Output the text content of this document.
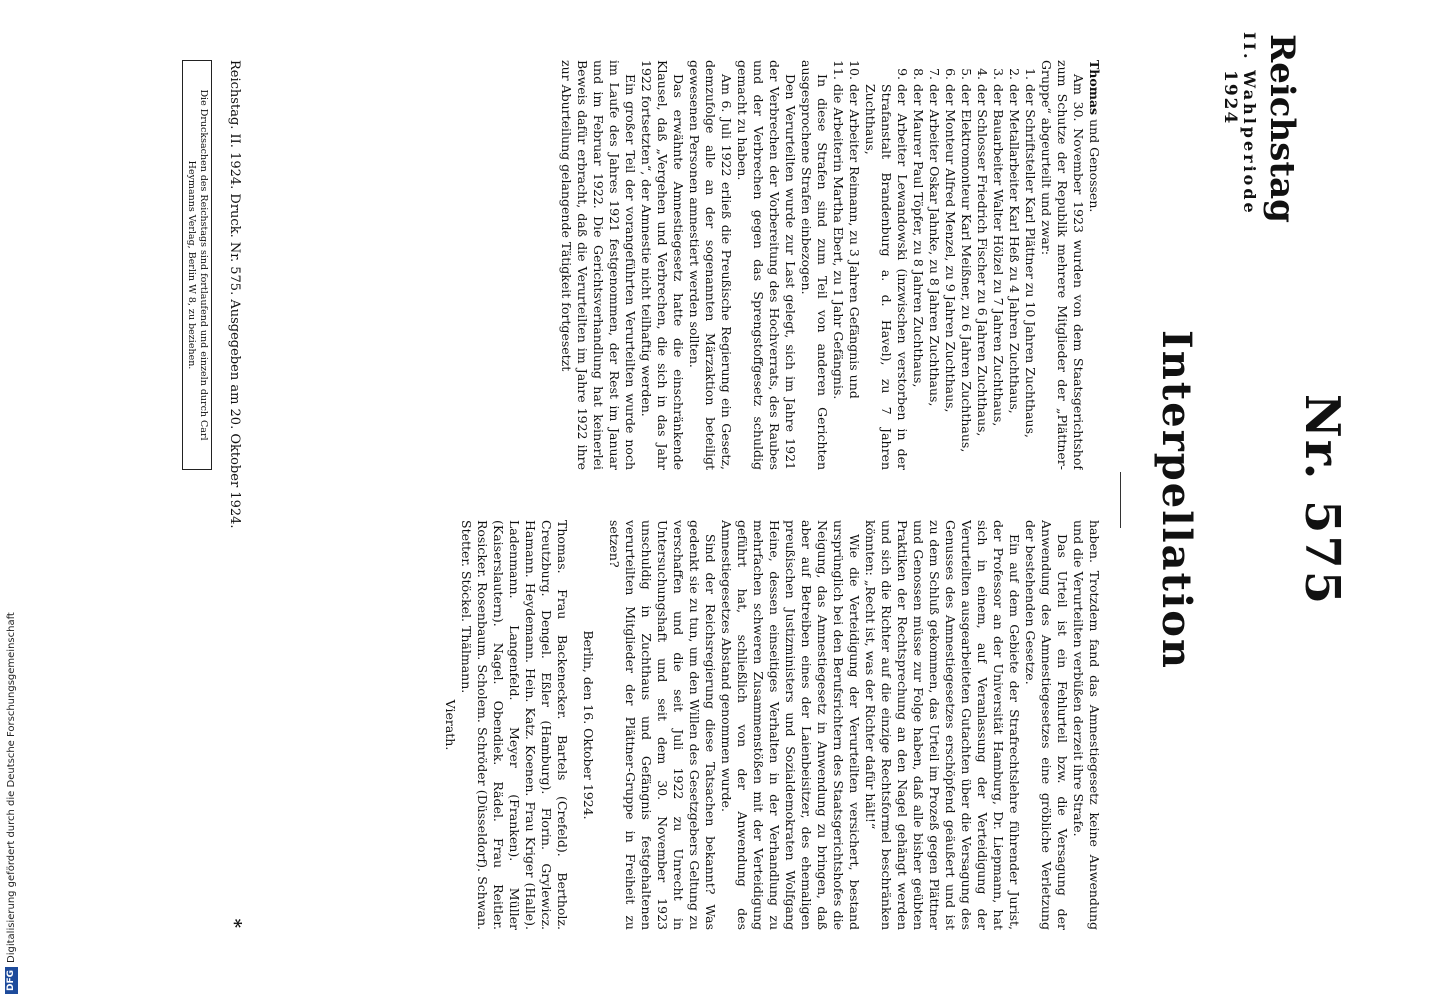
Reichstag
II. Wahlperiode
1924
Nr. 575
Interpellation

Thomas und Genossen.

Am 30. November 1923 wurden von dem Staatsgerichtshof zum Schutze der Republik mehrere Mitglieder der „Plättner-Gruppe“ abgeurteilt und zwar:

1.
der Schriftsteller Karl Plättner zu 10 Jahren Zuchthaus,
2.
der Metallarbeiter Karl Heß zu 4 Jahren Zuchthaus,
3.
der Bauarbeiter Walter Hölzel zu 7 Jahren Zuchthaus,
4.
der Schlosser Friedrich Fischer zu 6 Jahren Zuchthaus,
5.
der Elektromonteur Karl Meißner, zu 6 Jahren Zuchthaus,
6.
der Monteur Alfred Menzel, zu 9 Jahren Zuchthaus,
7.
der Arbeiter Oskar Jahnke, zu 8 Jahren Zuchthaus,
8.
der Maurer Paul Töpfer, zu 8 Jahren Zuchthaus,
9.
der Arbeiter Lewandowski (inzwischen verstorben in der Strafanstalt Brandenburg a. d. Havel), zu 7 Jahren Zuchthaus,
10.
der Arbeiter Reimann, zu 3 Jahren Gefängnis und
11.
die Arbeiterin Martha Ebert, zu 1 Jahr Gefängnis.

In diese Strafen sind zum Teil von anderen Gerichten ausgesprochene Strafen einbezogen.

Den Verurteilten wurde zur Last gelegt, sich im Jahre 1921 der Verbrechen der Vorbereitung des Hochverrats, des Raubes und der Verbrechen gegen das Sprengstoffgesetz schuldig gemacht zu haben.

Am 6. Juli 1922 erließ die Preußische Regierung ein Gesetz, demzufolge alle an der sogenannten Märzaktion beteiligt gewesenen Personen amnestiert werden sollten.

Das erwähnte Amnestiegesetz hatte die einschränkende Klausel, daß „Vergehen und Verbrechen, die sich in das Jahr 1922 fortsetzten“, der Amnestie nicht teilhaftig werden.

Ein großer Teil der vorangeführten Verurteilten wurde noch im Laufe des Jahres 1921 festgenommen, der Rest im Januar und im Februar 1922. Die Gerichtsverhandlung hat keinerlei Beweis dafür erbracht, daß die Verurteilten im Jahre 1922 ihre zur Aburteilung gelangende Tätigkeit fortgesetzt

haben. Trotzdem fand das Amnestiegesetz keine Anwendung und die Verurteilten verbüßen derzeit ihre Strafe.

Das Urteil ist ein Fehlurteil bzw. die Versagung der Anwendung des Amnestiegesetzes eine gröbliche Verletzung der bestehenden Gesetze.

Ein auf dem Gebiete der Strafrechtslehre führender Jurist, der Professor an der Universität Hamburg, Dr. Liepmann, hat sich in einem, auf Veranlassung der Verteidigung der Verurteilten ausgearbeiteten Gutachten über die Versagung des Genusses des Amnestiegesetzes erschöpfend geäußert und ist zu dem Schluß gekommen, das Urteil im Prozeß gegen Plättner und Genossen müsse zur Folge haben, daß alle bisher geübten Praktiken der Rechtsprechung an den Nagel gehängt werden und sich die Richter auf die einzige Rechtsformel beschränken könnten: „Recht ist, was der Richter dafür hält!“

Wie die Verteidigung der Verurteilten versichert, bestand ursprünglich bei den Berufsrichtern des Staatsgerichtshofes die Neigung, das Amnestiegesetz in Anwendung zu bringen, daß aber auf Betreiben eines der Laienbeisitzer, des ehemaligen preußischen Justizministers und Sozialdemokraten Wolfgang Heine, dessen einseitiges Verhalten in der Verhandlung zu mehrfachen schweren Zusammenstößen mit der Verteidigung geführt hat, schließlich von der Anwendung des Amnestiegesetzes Abstand genommen wurde.

Sind der Reichsregierung diese Tatsachen bekannt? Was gedenkt sie zu tun, um den Willen des Gesetzgebers Geltung zu verschaffen und die seit Juli 1922 zu Unrecht in Untersuchungshaft und seit dem 30. November 1923 unschuldig in Zuchthaus und Gefängnis festgehaltenen verurteilten Mitglieder der Plättner-Gruppe in Freiheit zu setzen?

Berlin, den 16. Oktober 1924.

Thomas. Frau Backenecker. Bartels (Crefeld). Bertholz. Creutzburg. Dengel. Eßler (Hamburg). Florin. Grylewicz. Hamann. Heydemann. Hein. Katz. Koenen. Frau Kriger (Halle). Ladenmann. Langenfeld. Meyer (Franken). Müller (Kaiserslautern). Nagel. Obendiek. Rädel. Frau Reitler. Rosicker. Rosenbaum. Scholem. Schröder (Düsseldorf). Schwan. Stetter. Stöckel. Thälmann.

Vierath.

Reichstag. II. 1924. Druck. Nr. 575. Ausgegeben am 20. Oktober 1924.
*
Die Drucksachen des Reichstags sind fortlaufend und einzeln durch Carl Heymanns Verlag, Berlin W 8, zu beziehen.
DFGDigitalisierung gefördert durch die Deutsche Forschungsgemeinschaft
